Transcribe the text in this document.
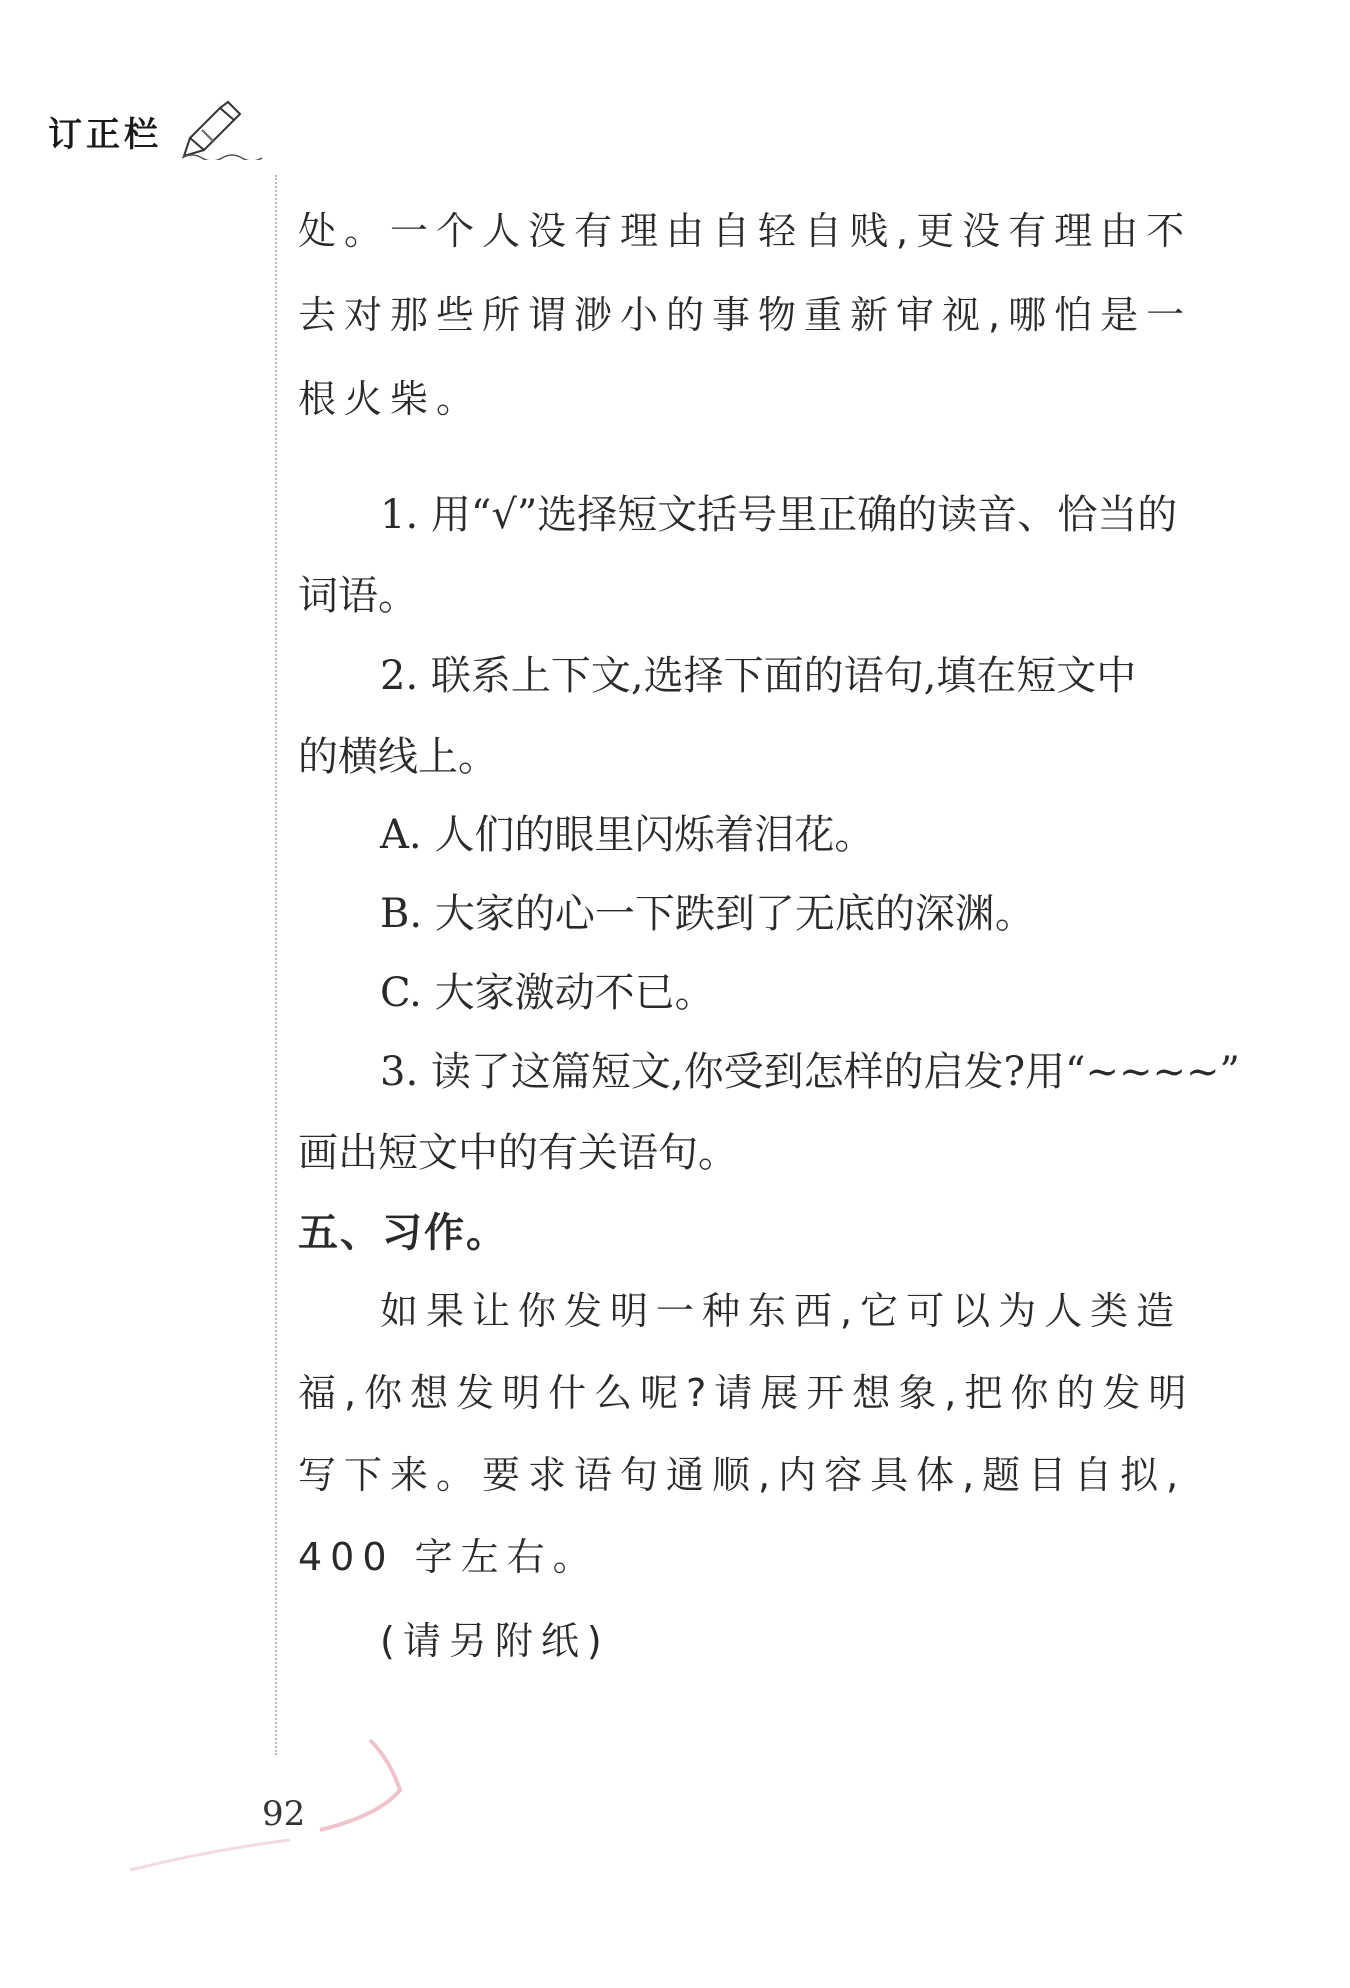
订正栏
处。一个人没有理由自轻自贱,更没有理由不
去对那些所谓渺小的事物重新审视,哪怕是一
根火柴。
1. 用“√”选择短文括号里正确的读音、恰当的
词语。
2. 联系上下文,选择下面的语句,填在短文中
的横线上。
A. 人们的眼里闪烁着泪花。
B. 大家的心一下跌到了无底的深渊。
C. 大家激动不已。
3. 读了这篇短文,你受到怎样的启发?用“~~~~”
画出短文中的有关语句。
五、习作。
如果让你发明一种东西,它可以为人类造
福,你想发明什么呢?请展开想象,把你的发明
写下来。要求语句通顺,内容具体,题目自拟,
400 字左右。
(请另附纸)
92
